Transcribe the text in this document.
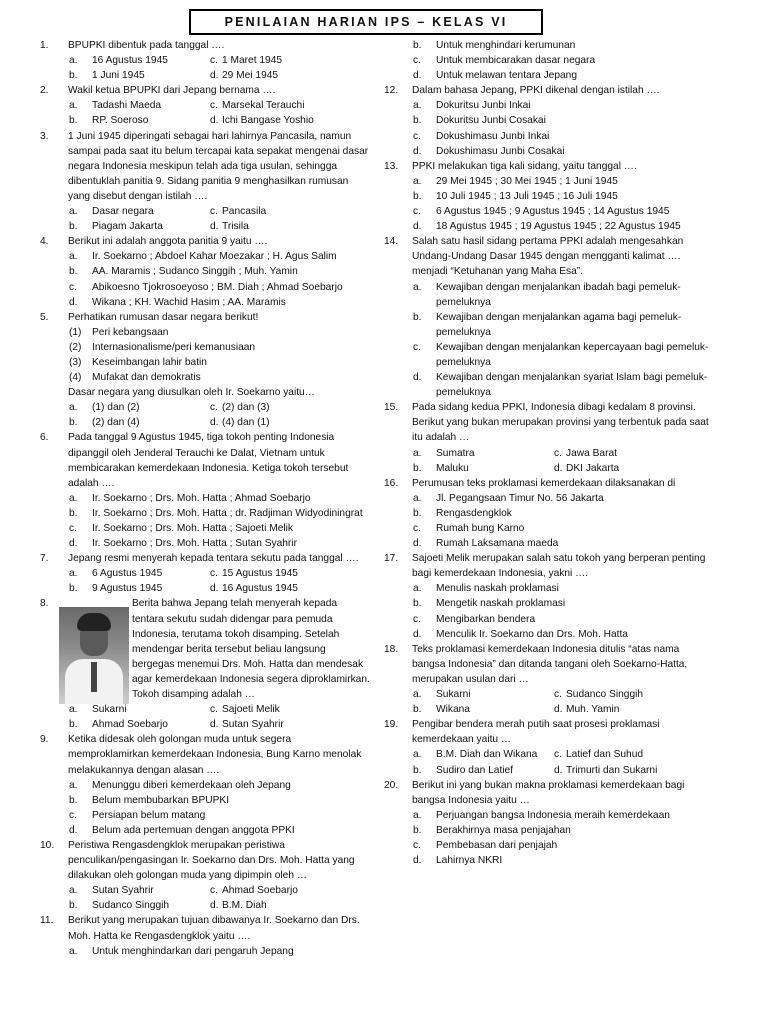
PENILAIAN HARIAN IPS – KELAS VI
1. BPUPKI dibentuk pada tanggal ….
a. 16 Agustus 1945	c. 1 Maret 1945
b. 1 Juni 1945	d. 29 Mei 1945
2. Wakil ketua BPUPKI dari Jepang bernama ….
a. Tadashi Maeda	c. Marsekal Terauchi
b. RP. Soeroso	d. Ichi Bangase Yoshio
3. 1 Juni 1945 diperingati sebagai hari lahirnya Pancasila, namun
sampai pada saat itu belum tercapai kata sepakat mengenai dasar
negara Indonesia meskipun telah ada tiga usulan, sehingga
dibentuklah panitia 9. Sidang panitia 9 menghasilkan rumusan
yang disebut dengan istilah ….
a. Dasar negara	c. Pancasila
b. Piagam Jakarta	d. Trisila
4. Berikut ini adalah anggota panitia 9 yaitu ….
a. Ir. Soekarno ; Abdoel Kahar Moezakar ; H. Agus Salim
b. AA. Maramis ; Sudanco Singgih ; Muh. Yamin
c. Abikoesno Tjokrosoeyoso ; BM. Diah ; Ahmad Soebarjo
d. Wikana ; KH. Wachid Hasim ; AA. Maramis
5. Perhatikan rumusan dasar negara berikut!
(1) Peri kebangsaan
(2) Internasionalisme/peri kemanusiaan
(3) Keseimbangan lahir batin
(4) Mufakat dan demokratis
Dasar negara yang diusulkan oleh Ir. Soekarno yaitu…
a. (1) dan (2)	c. (2) dan (3)
b. (2) dan (4)	d. (4) dan (1)
6. Pada tanggal 9 Agustus 1945, tiga tokoh penting Indonesia
dipanggil oleh Jenderal Terauchi ke Dalat, Vietnam untuk
membicarakan kemerdekaan Indonesia. Ketiga tokoh tersebut
adalah ….
a. Ir. Soekarno ; Drs. Moh. Hatta ; Ahmad Soebarjo
b. Ir. Soekarno ; Drs. Moh. Hatta ; dr. Radjiman Widyodiningrat
c. Ir. Soekarno ; Drs. Moh. Hatta ; Sajoeti Melik
d. Ir. Soekarno ; Drs. Moh. Hatta ; Sutan Syahrir
7. Jepang resmi menyerah kepada tentara sekutu pada tanggal ….
a. 6 Agustus 1945	c. 15 Agustus 1945
b. 9 Agustus 1945	d. 16 Agustus 1945
8.	Berita bahwa Jepang telah menyerah kepada
tentara sekutu sudah didengar para pemuda
Indonesia, terutama tokoh disamping. Setelah
mendengar berita tersebut beliau langsung
bergegas menemui Drs. Moh. Hatta dan mendesak
agar kemerdekaan Indonesia segera diproklamirkan.
Tokoh disamping adalah …
a. Sukarni	c. Sajoeti Melik
b. Ahmad Soebarjo	d. Sutan Syahrir
9. Ketika didesak oleh golongan muda untuk segera
memproklamirkan kemerdekaan Indonesia, Bung Karno menolak
melakukannya dengan alasan ….
a. Menunggu diberi kemerdekaan oleh Jepang
b. Belum membubarkan BPUPKI
c. Persiapan belum matang
d. Belum ada pertemuan dengan anggota PPKI
10. Peristiwa Rengasdengklok merupakan peristiwa
penculikan/pengasingan Ir. Soekarno dan Drs. Moh. Hatta yang
dilakukan oleh golongan muda yang dipimpin oleh …
a. Sutan Syahrir	c. Ahmad Soebarjo
b. Sudanco Singgih	d. B.M. Diah
11. Berikut yang merupakan tujuan dibawanya Ir. Soekarno dan Drs.
Moh. Hatta ke Rengasdengklok yaitu ….
a. Untuk menghindarkan dari pengaruh Jepang
b. Untuk menghindari kerumunan
c. Untuk membicarakan dasar negara
d. Untuk melawan tentara Jepang
12. Dalam bahasa Jepang, PPKI dikenal dengan istilah ….
a. Dokuritsu Junbi Inkai
b. Dokuritsu Junbi Cosakai
c. Dokushimasu Junbi Inkai
d. Dokushimasu Junbi Cosakai
13. PPKI melakukan tiga kali sidang, yaitu tanggal ….
a. 29 Mei 1945 ; 30 Mei 1945 ; 1 Juni 1945
b. 10 Juli 1945 ; 13 Juli 1945 ; 16 Juli 1945
c. 6 Agustus 1945 ; 9 Agustus 1945 ; 14 Agustus 1945
d. 18 Agustus 1945 ; 19 Agustus 1945 ; 22 Agustus 1945
14. Salah satu hasil sidang pertama PPKI adalah mengesahkan
Undang-Undang Dasar 1945 dengan mengganti kalimat ….
menjadi “Ketuhanan yang Maha Esa”.
a. Kewajiban dengan menjalankan ibadah bagi pemeluk-
pemeluknya
b. Kewajiban dengan menjalankan agama bagi pemeluk-
pemeluknya
c. Kewajiban dengan menjalankan kepercayaan bagi pemeluk-
pemeluknya
d. Kewajiban dengan menjalankan syariat Islam bagi pemeluk-
pemeluknya
15. Pada sidang kedua PPKI, Indonesia dibagi kedalam 8 provinsi.
Berikut yang bukan merupakan provinsi yang terbentuk pada saat
itu adalah …
a. Sumatra	c. Jawa Barat
b. Maluku	d. DKI Jakarta
16. Perumusan teks proklamasi kemerdekaan dilaksanakan di
a. Jl. Pegangsaan Timur No. 56 Jakarta
b. Rengasdengklok
c. Rumah bung Karno
d. Rumah Laksamana maeda
17. Sajoeti Melik merupakan salah satu tokoh yang berperan penting
bagi kemerdekaan Indonesia, yakni ….
a. Menulis naskah proklamasi
b. Mengetik naskah proklamasi
c. Mengibarkan bendera
d. Menculik Ir. Soekarno dan Drs. Moh. Hatta
18. Teks proklamasi kemerdekaan Indonesia ditulis “atas nama
bangsa Indonesia” dan ditanda tangani oleh Soekarno-Hatta,
merupakan usulan dari …
a. Sukarni	c. Sudanco Singgih
b. Wikana	d. Muh. Yamin
19. Pengibar bendera merah putih saat prosesi proklamasi
kemerdekaan yaitu …
a. B.M. Diah dan Wikana c. Latief dan Suhud
b. Sudiro dan Latief	d. Trimurti dan Sukarni
20. Berikut ini yang bukan makna proklamasi kemerdekaan bagi
bangsa Indonesia yaitu …
a. Perjuangan bangsa Indonesia meraih kemerdekaan
b. Berakhirnya masa penjajahan
c. Pembebasan dari penjajah
d. Lahirnya NKRI
